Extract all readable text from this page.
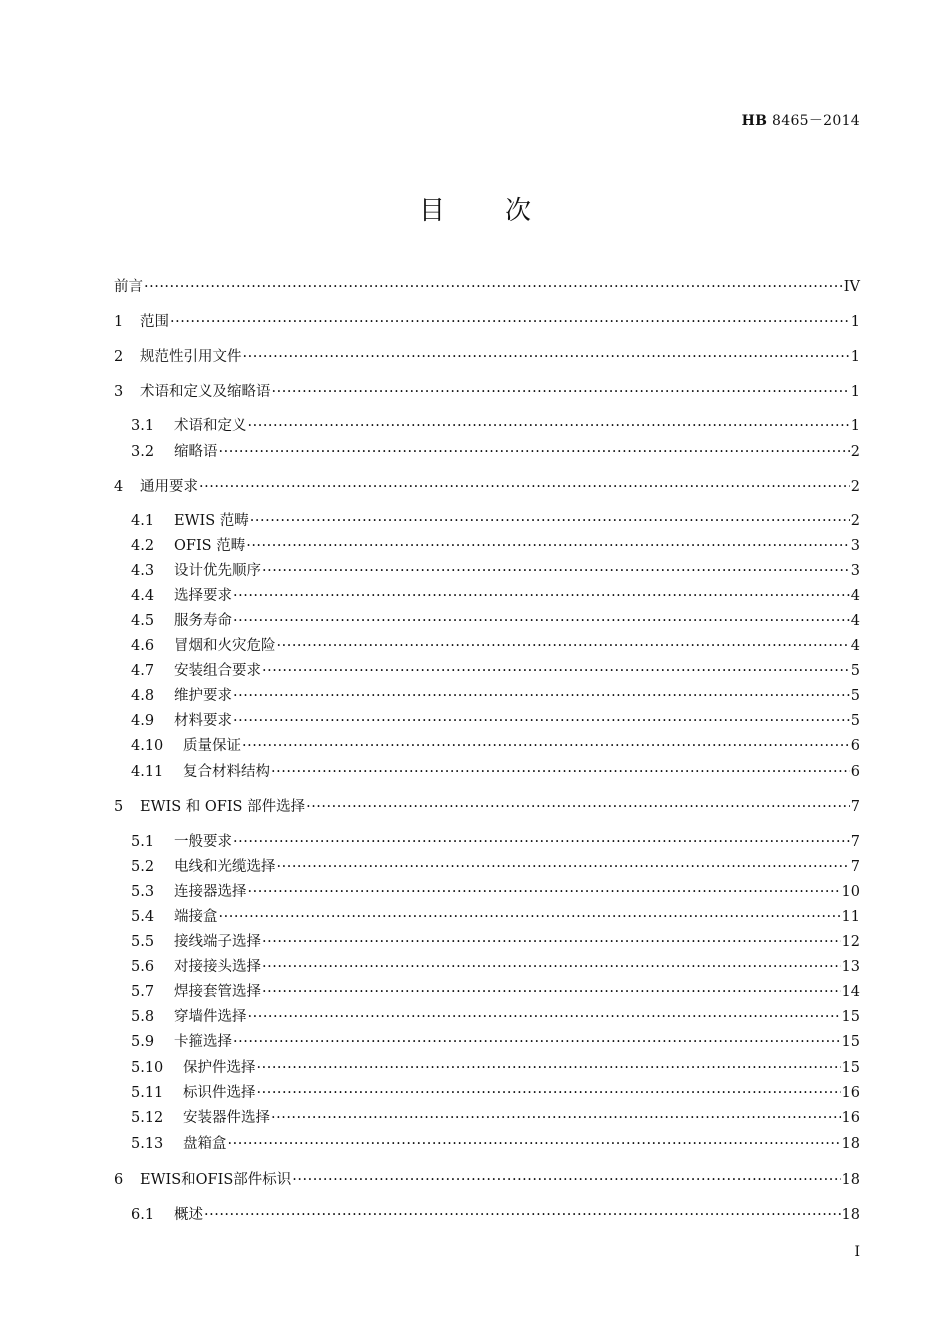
HB 8465－2014
目 次
前言 ·····	IV
1	范围 ·····	1
2	规范性引用文件 ·····	1
3	术语和定义及缩略语 ·····	1
3.1	术语和定义 ·····	1
3.2	缩略语 ·····	2
4	通用要求 ·····	2
4.1	EWIS 范畴 ·····	2
4.2	OFIS 范畴 ·····	3
4.3	设计优先顺序 ·····	3
4.4	选择要求 ·····	4
4.5	服务寿命 ·····	4
4.6	冒烟和火灾危险 ·····	4
4.7	安装组合要求 ·····	5
4.8	维护要求 ·····	5
4.9	材料要求 ·····	5
4.10	质量保证 ·····	6
4.11	复合材料结构 ·····	6
5	EWIS 和 OFIS 部件选择 ·····	7
5.1	一般要求 ·····	7
5.2	电线和光缆选择 ·····	7
5.3	连接器选择 ·····	10
5.4	端接盒 ·····	11
5.5	接线端子选择 ·····	12
5.6	对接接头选择 ·····	13
5.7	焊接套管选择 ·····	14
5.8	穿墙件选择 ·····	15
5.9	卡箍选择 ·····	15
5.10	保护件选择 ·····	15
5.11	标识件选择 ·····	16
5.12	安装器件选择 ·····	16
5.13	盘箱盒 ·····	18
6	EWIS和OFIS部件标识 ·····	18
6.1	概述 ·····	18
I
